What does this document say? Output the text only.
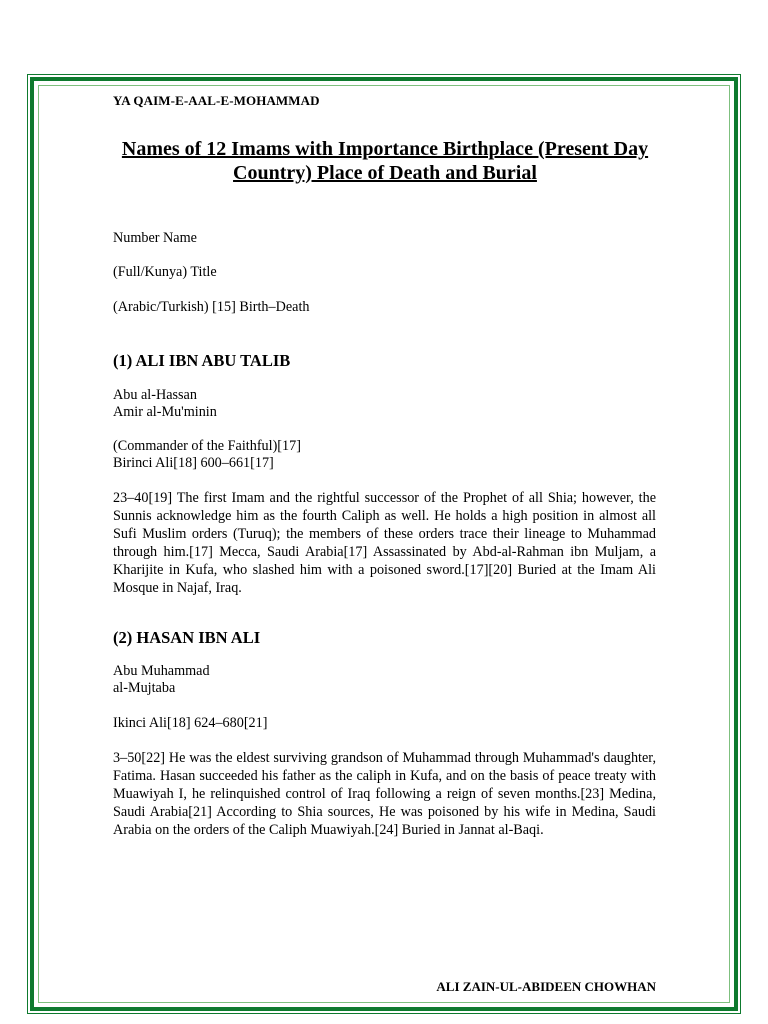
YA QAIM-E-AAL-E-MOHAMMAD
Names of 12 Imams with Importance Birthplace (Present Day Country) Place of Death and Burial
Number Name
(Full/Kunya) Title
(Arabic/Turkish) [15] Birth–Death
(1) ALI IBN ABU TALIB
Abu al-Hassan
Amir al-Mu'minin
(Commander of the Faithful)[17]
Birinci Ali[18] 600–661[17]
23–40[19] The first Imam and the rightful successor of the Prophet of all Shia; however, the Sunnis acknowledge him as the fourth Caliph as well. He holds a high position in almost all Sufi Muslim orders (Turuq); the members of these orders trace their lineage to Muhammad through him.[17] Mecca, Saudi Arabia[17] Assassinated by Abd-al-Rahman ibn Muljam, a Kharijite in Kufa, who slashed him with a poisoned sword.[17][20] Buried at the Imam Ali Mosque in Najaf, Iraq.
(2) HASAN IBN ALI
Abu Muhammad
al-Mujtaba
Ikinci Ali[18] 624–680[21]
3–50[22] He was the eldest surviving grandson of Muhammad through Muhammad's daughter, Fatima. Hasan succeeded his father as the caliph in Kufa, and on the basis of peace treaty with Muawiyah I, he relinquished control of Iraq following a reign of seven months.[23] Medina, Saudi Arabia[21] According to Shia sources, He was poisoned by his wife in Medina, Saudi Arabia on the orders of the Caliph Muawiyah.[24] Buried in Jannat al-Baqi.
ALI ZAIN-UL-ABIDEEN CHOWHAN
